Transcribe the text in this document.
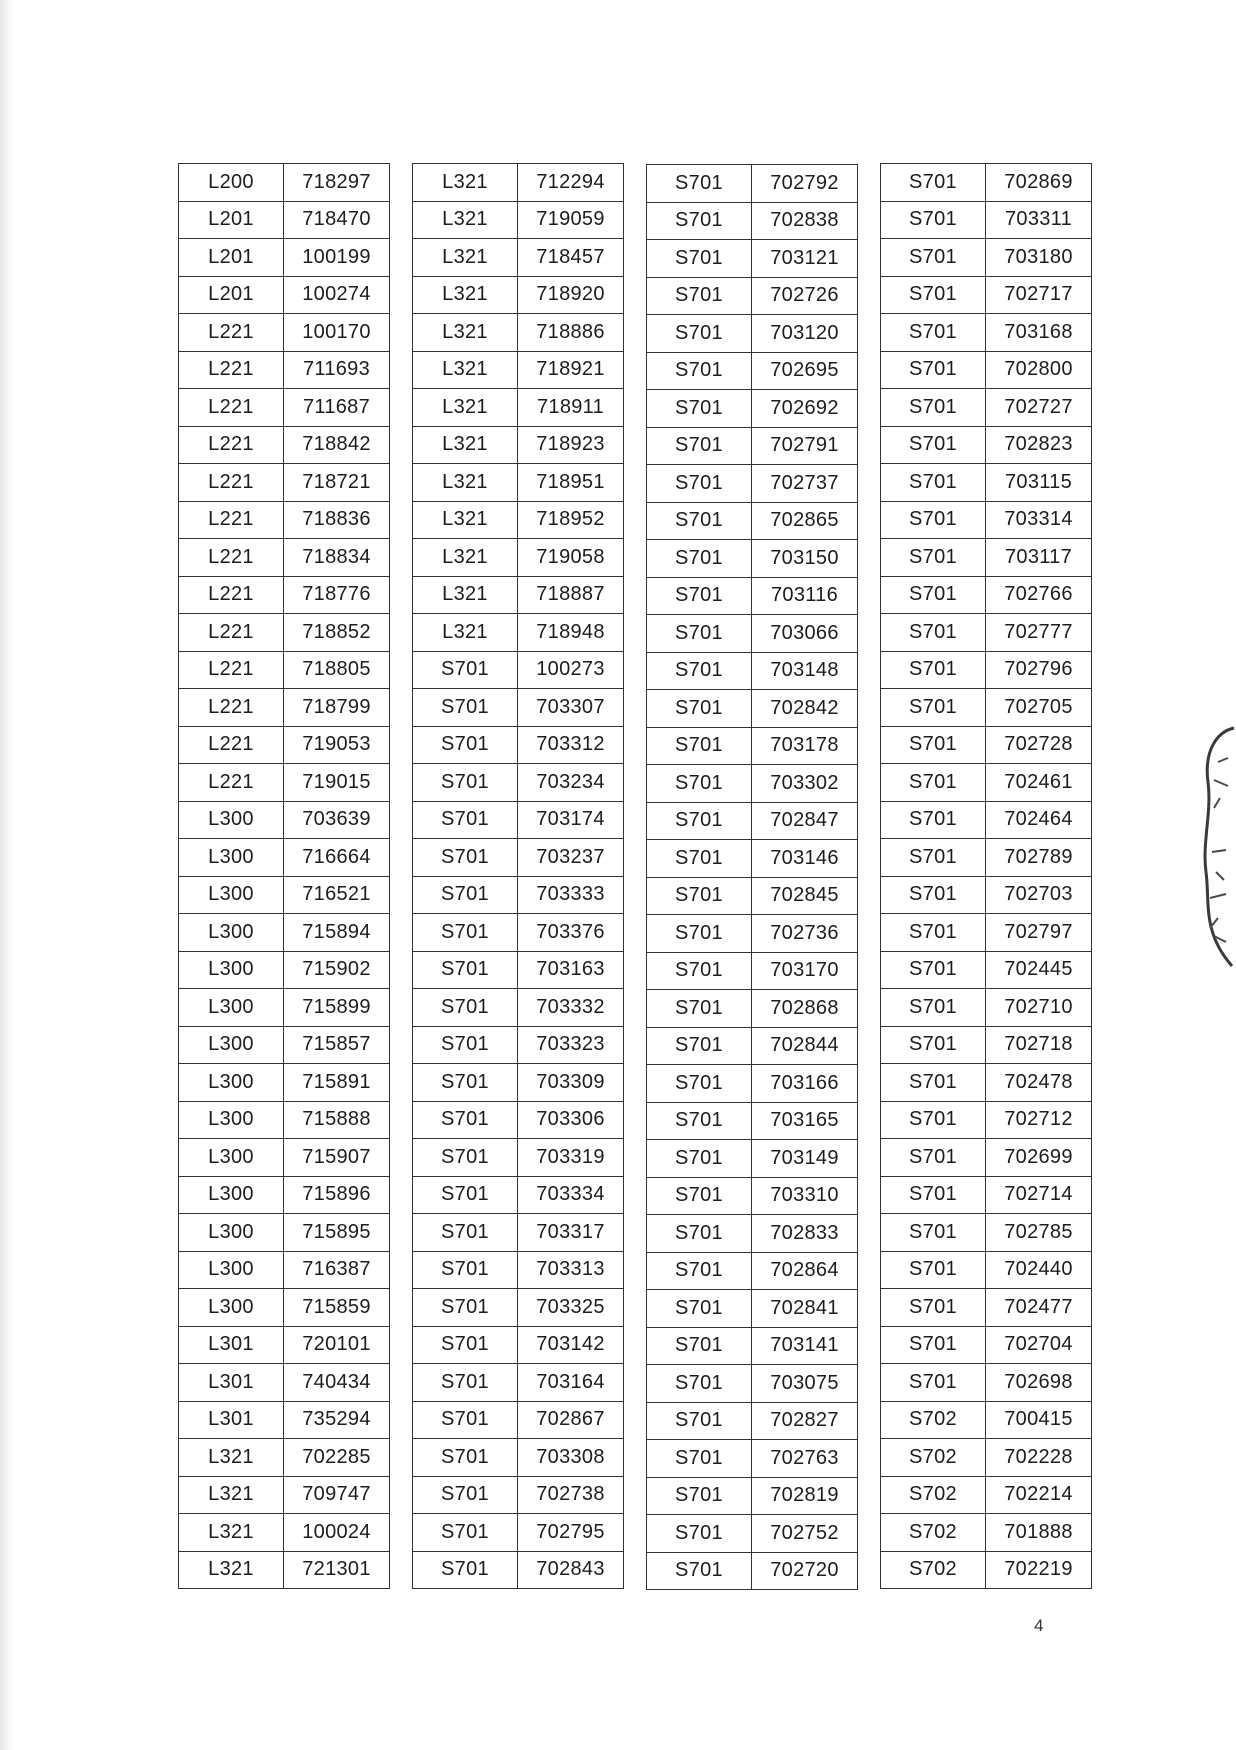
L200	718297
L201	718470
L201	100199
L201	100274
L221	100170
L221	711693
L221	711687
L221	718842
L221	718721
L221	718836
L221	718834
L221	718776
L221	718852
L221	718805
L221	718799
L221	719053
L221	719015
L300	703639
L300	716664
L300	716521
L300	715894
L300	715902
L300	715899
L300	715857
L300	715891
L300	715888
L300	715907
L300	715896
L300	715895
L300	716387
L300	715859
L301	720101
L301	740434
L301	735294
L321	702285
L321	709747
L321	100024
L321	721301
L321	712294
L321	719059
L321	718457
L321	718920
L321	718886
L321	718921
L321	718911
L321	718923
L321	718951
L321	718952
L321	719058
L321	718887
L321	718948
S701	100273
S701	703307
S701	703312
S701	703234
S701	703174
S701	703237
S701	703333
S701	703376
S701	703163
S701	703332
S701	703323
S701	703309
S701	703306
S701	703319
S701	703334
S701	703317
S701	703313
S701	703325
S701	703142
S701	703164
S701	702867
S701	703308
S701	702738
S701	702795
S701	702843
S701	702792
S701	702838
S701	703121
S701	702726
S701	703120
S701	702695
S701	702692
S701	702791
S701	702737
S701	702865
S701	703150
S701	703116
S701	703066
S701	703148
S701	702842
S701	703178
S701	703302
S701	702847
S701	703146
S701	702845
S701	702736
S701	703170
S701	702868
S701	702844
S701	703166
S701	703165
S701	703149
S701	703310
S701	702833
S701	702864
S701	702841
S701	703141
S701	703075
S701	702827
S701	702763
S701	702819
S701	702752
S701	702720
S701	702869
S701	703311
S701	703180
S701	702717
S701	703168
S701	702800
S701	702727
S701	702823
S701	703115
S701	703314
S701	703117
S701	702766
S701	702777
S701	702796
S701	702705
S701	702728
S701	702461
S701	702464
S701	702789
S701	702703
S701	702797
S701	702445
S701	702710
S701	702718
S701	702478
S701	702712
S701	702699
S701	702714
S701	702785
S701	702440
S701	702477
S701	702704
S701	702698
S702	700415
S702	702228
S702	702214
S702	701888
S702	702219
4
